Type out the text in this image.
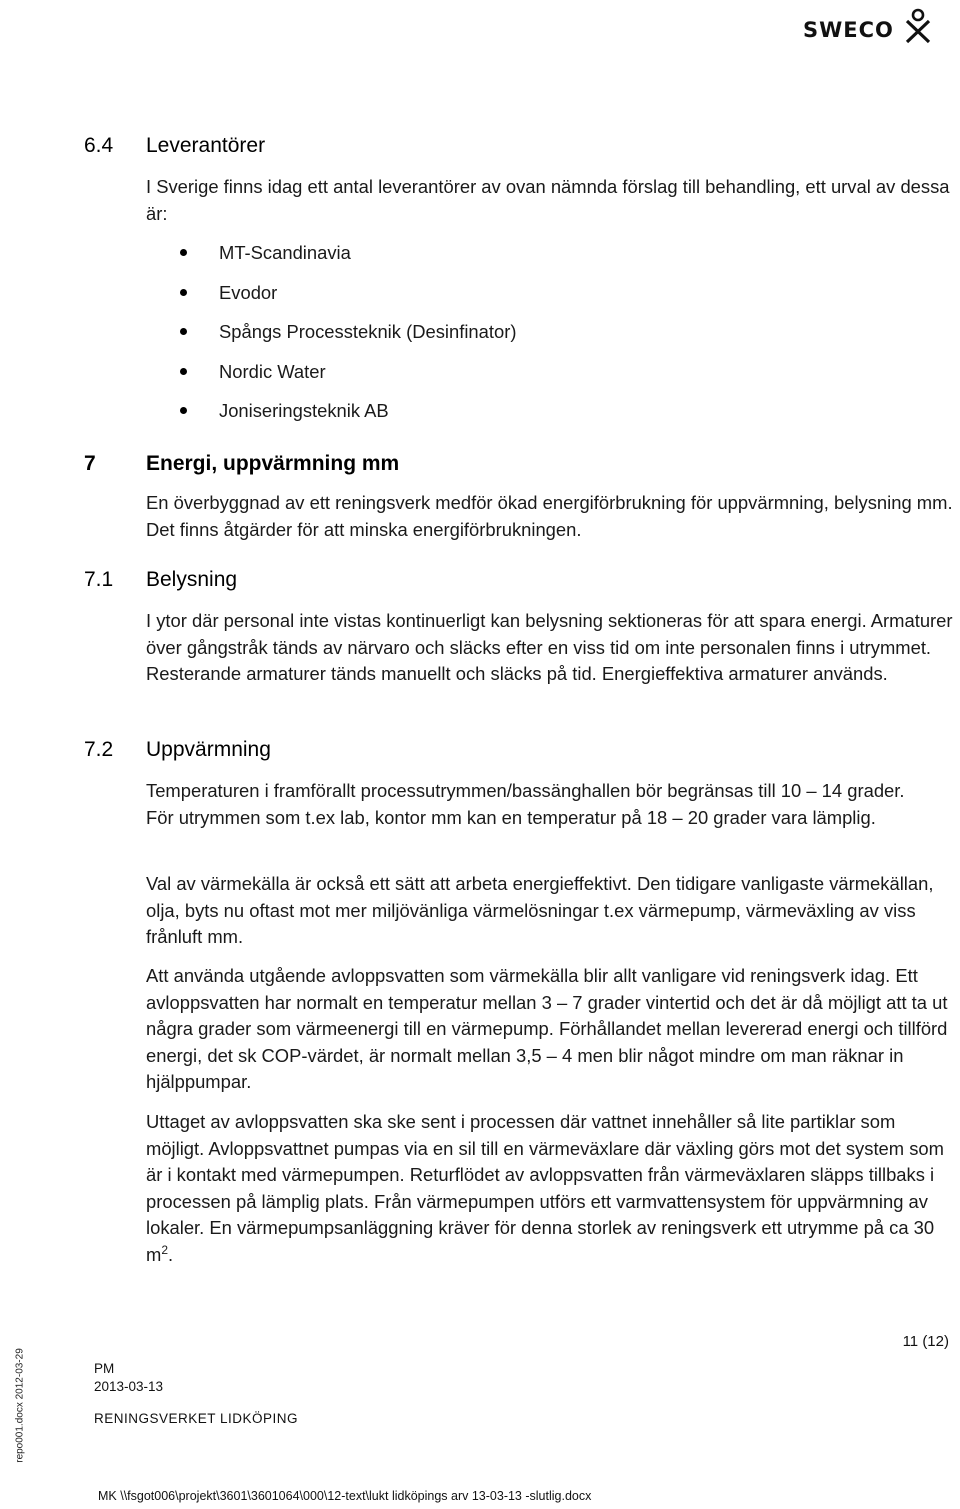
SWECO
6.4 Leverantörer

I Sverige finns idag ett antal leverantörer av ovan nämnda förslag till behandling, ett urval av dessa är:

MT-Scandinavia
Evodor
Spångs Processteknik (Desinfinator)
Nordic Water
Joniseringsteknik AB
7 Energi, uppvärmning mm

En överbyggnad av ett reningsverk medför ökad energiförbrukning för uppvärmning, belysning mm. Det finns åtgärder för att minska energiförbrukningen.

7.1 Belysning

I ytor där personal inte vistas kontinuerligt kan belysning sektioneras för att spara energi. Armaturer över gångstråk tänds av närvaro och släcks efter en viss tid om inte personalen finns i utrymmet. Resterande armaturer tänds manuellt och släcks på tid. Energieffektiva armaturer används.

7.2 Uppvärmning

Temperaturen i framförallt processutrymmen/bassänghallen bör begränsas till 10 – 14 grader.

För utrymmen som t.ex lab, kontor mm kan en temperatur på 18 – 20 grader vara lämplig.

Val av värmekälla är också ett sätt att arbeta energieffektivt. Den tidigare vanligaste värmekällan, olja, byts nu oftast mot mer miljövänliga värmelösningar t.ex värmepump, värmeväxling av viss frånluft mm.

Att använda utgående avloppsvatten som värmekälla blir allt vanligare vid reningsverk idag. Ett avloppsvatten har normalt en temperatur mellan 3 – 7 grader vintertid och det är då möjligt att ta ut några grader som värmeenergi till en värmepump. Förhållandet mellan levererad energi och tillförd energi, det sk COP-värdet, är normalt mellan 3,5 – 4 men blir något mindre om man räknar in hjälppumpar.

Uttaget av avloppsvatten ska ske sent i processen där vattnet innehåller så lite partiklar som möjligt. Avloppsvattnet pumpas via en sil till en värmeväxlare där växling görs mot det system som är i kontakt med värmepumpen. Returflödet av avloppsvatten från värmeväxlaren släpps tillbaks i processen på lämplig plats. Från värmepumpen utförs ett varmvattensystem för uppvärmning av lokaler. En värmepumpsanläggning kräver för denna storlek av reningsverk ett utrymme på ca 30 $m^2$.

11 (12)
PM
2013-03-13
RENINGSVERKET LIDKÖPING
MK \\fsgot006\projekt\3601\3601064\000\12-text\lukt lidköpings arv 13-03-13 -slutlig.docx
repo001.docx 2012-03-29
